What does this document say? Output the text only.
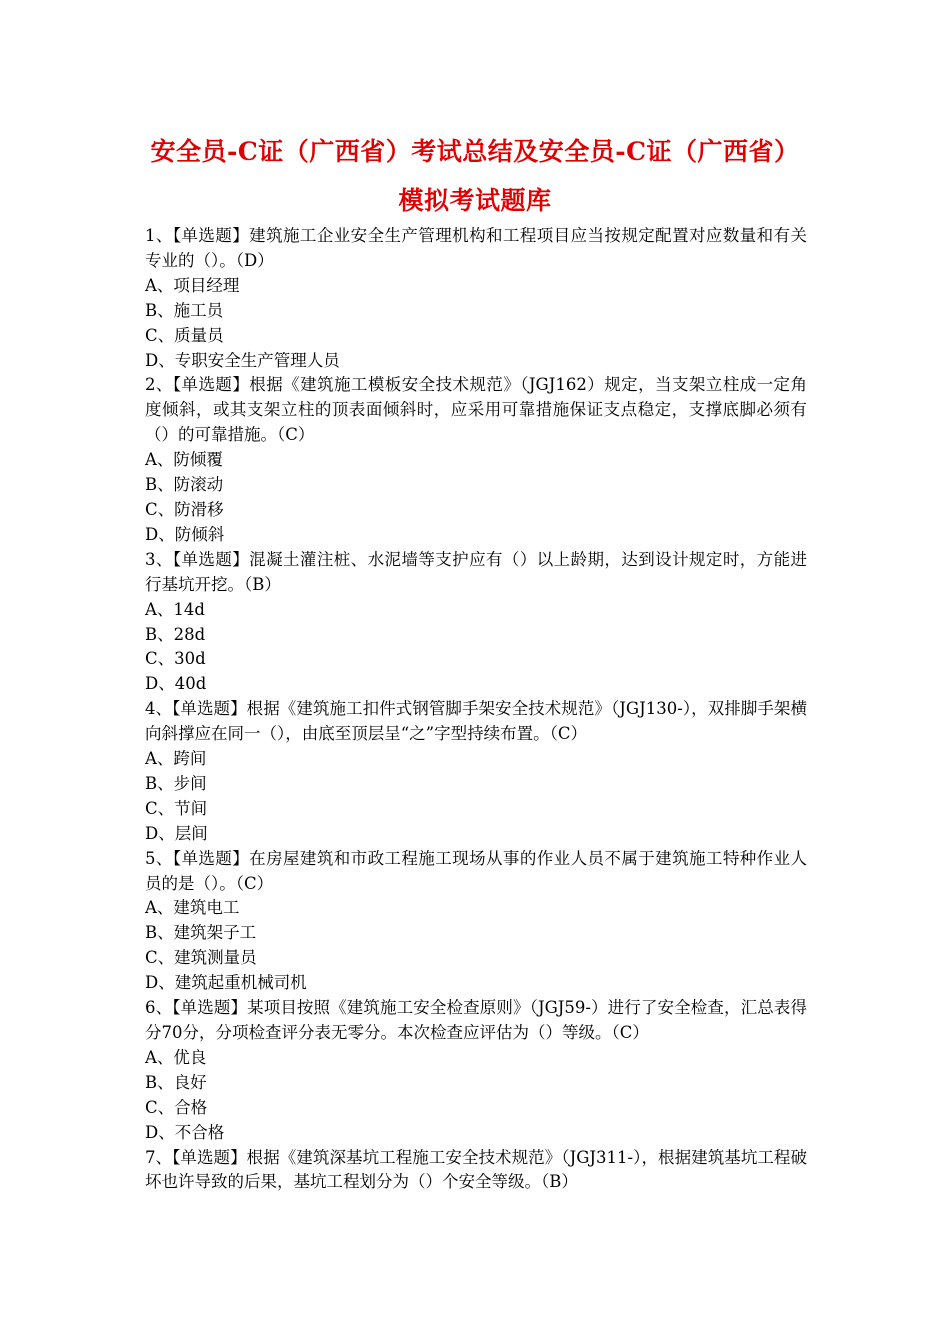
安全员-C证（广西省）考试总结及安全员-C证（广西省）
模拟考试题库
1、【单选题】建筑施工企业安全生产管理机构和工程项目应当按规定配置对应数量和有关专业的（）。（D）
A、项目经理
B、施工员
C、质量员
D、专职安全生产管理人员
2、【单选题】根据《建筑施工模板安全技术规范》（JGJ162）规定，当支架立柱成一定角度倾斜，或其支架立柱的顶表面倾斜时，应采用可靠措施保证支点稳定，支撑底脚必须有（）的可靠措施。（C）
A、防倾覆
B、防滚动
C、防滑移
D、防倾斜
3、【单选题】混凝土灌注桩、水泥墙等支护应有（）以上龄期，达到设计规定时，方能进行基坑开挖。（B）
A、14d
B、28d
C、30d
D、40d
4、【单选题】根据《建筑施工扣件式钢管脚手架安全技术规范》（JGJ130-），双排脚手架横向斜撑应在同一（），由底至顶层呈“之”字型持续布置。（C）
A、跨间
B、步间
C、节间
D、层间
5、【单选题】在房屋建筑和市政工程施工现场从事的作业人员不属于建筑施工特种作业人员的是（）。（C）
A、建筑电工
B、建筑架子工
C、建筑测量员
D、建筑起重机械司机
6、【单选题】某项目按照《建筑施工安全检查原则》（JGJ59-）进行了安全检查，汇总表得分70分，分项检查评分表无零分。本次检查应评估为（）等级。（C）
A、优良
B、良好
C、合格
D、不合格
7、【单选题】根据《建筑深基坑工程施工安全技术规范》（JGJ311-），根据建筑基坑工程破坏也许导致的后果，基坑工程划分为（）个安全等级。（B）
